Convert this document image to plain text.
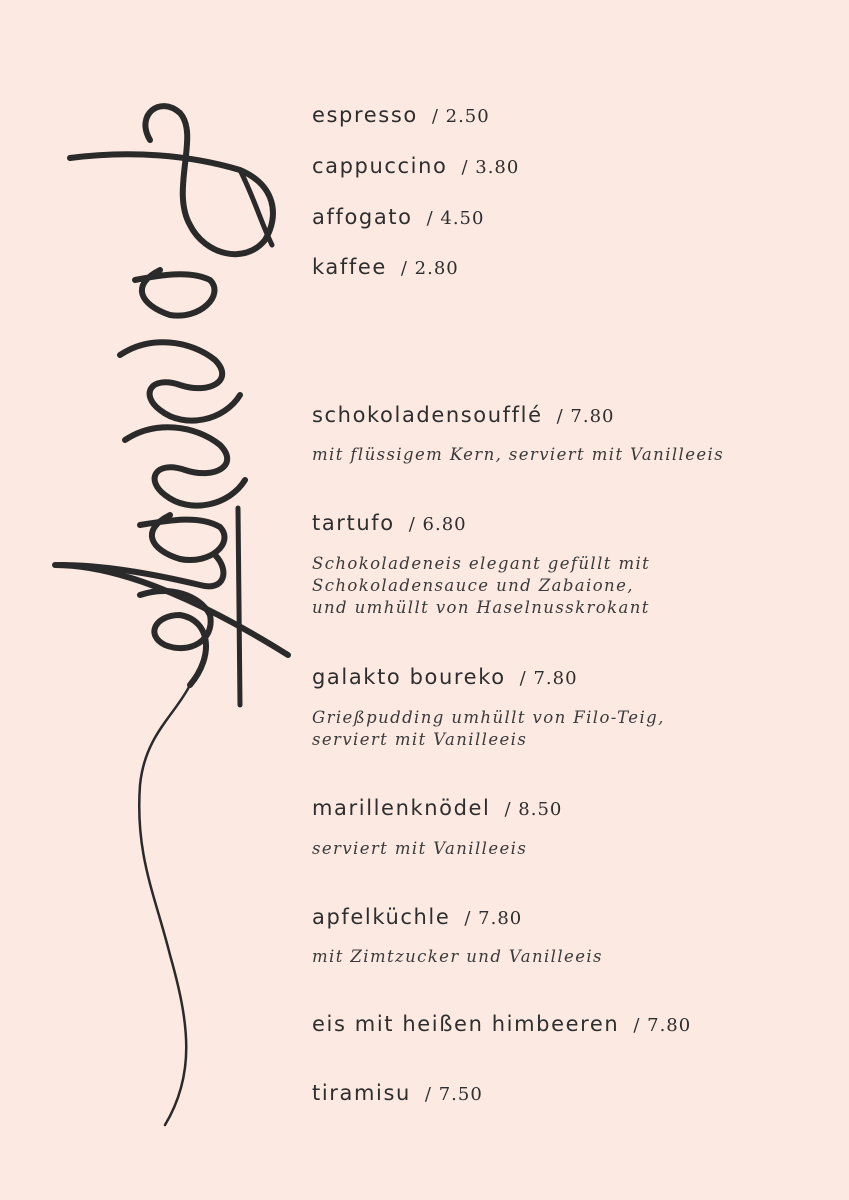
espresso / 2.50
cappuccino / 3.80
affogato / 4.50
kaffee / 2.80
schokoladensoufflé / 7.80
mit flüssigem Kern, serviert mit Vanilleeis
tartufo / 6.80
Schokoladeneis elegant gefüllt mit
Schokoladensauce und Zabaione,
und umhüllt von Haselnusskrokant
galakto boureko / 7.80
Grießpudding umhüllt von Filo-Teig,
serviert mit Vanilleeis
marillenknödel / 8.50
serviert mit Vanilleeis
apfelküchle / 7.80
mit Zimtzucker und Vanilleeis
eis mit heißen himbeeren / 7.80
tiramisu / 7.50
